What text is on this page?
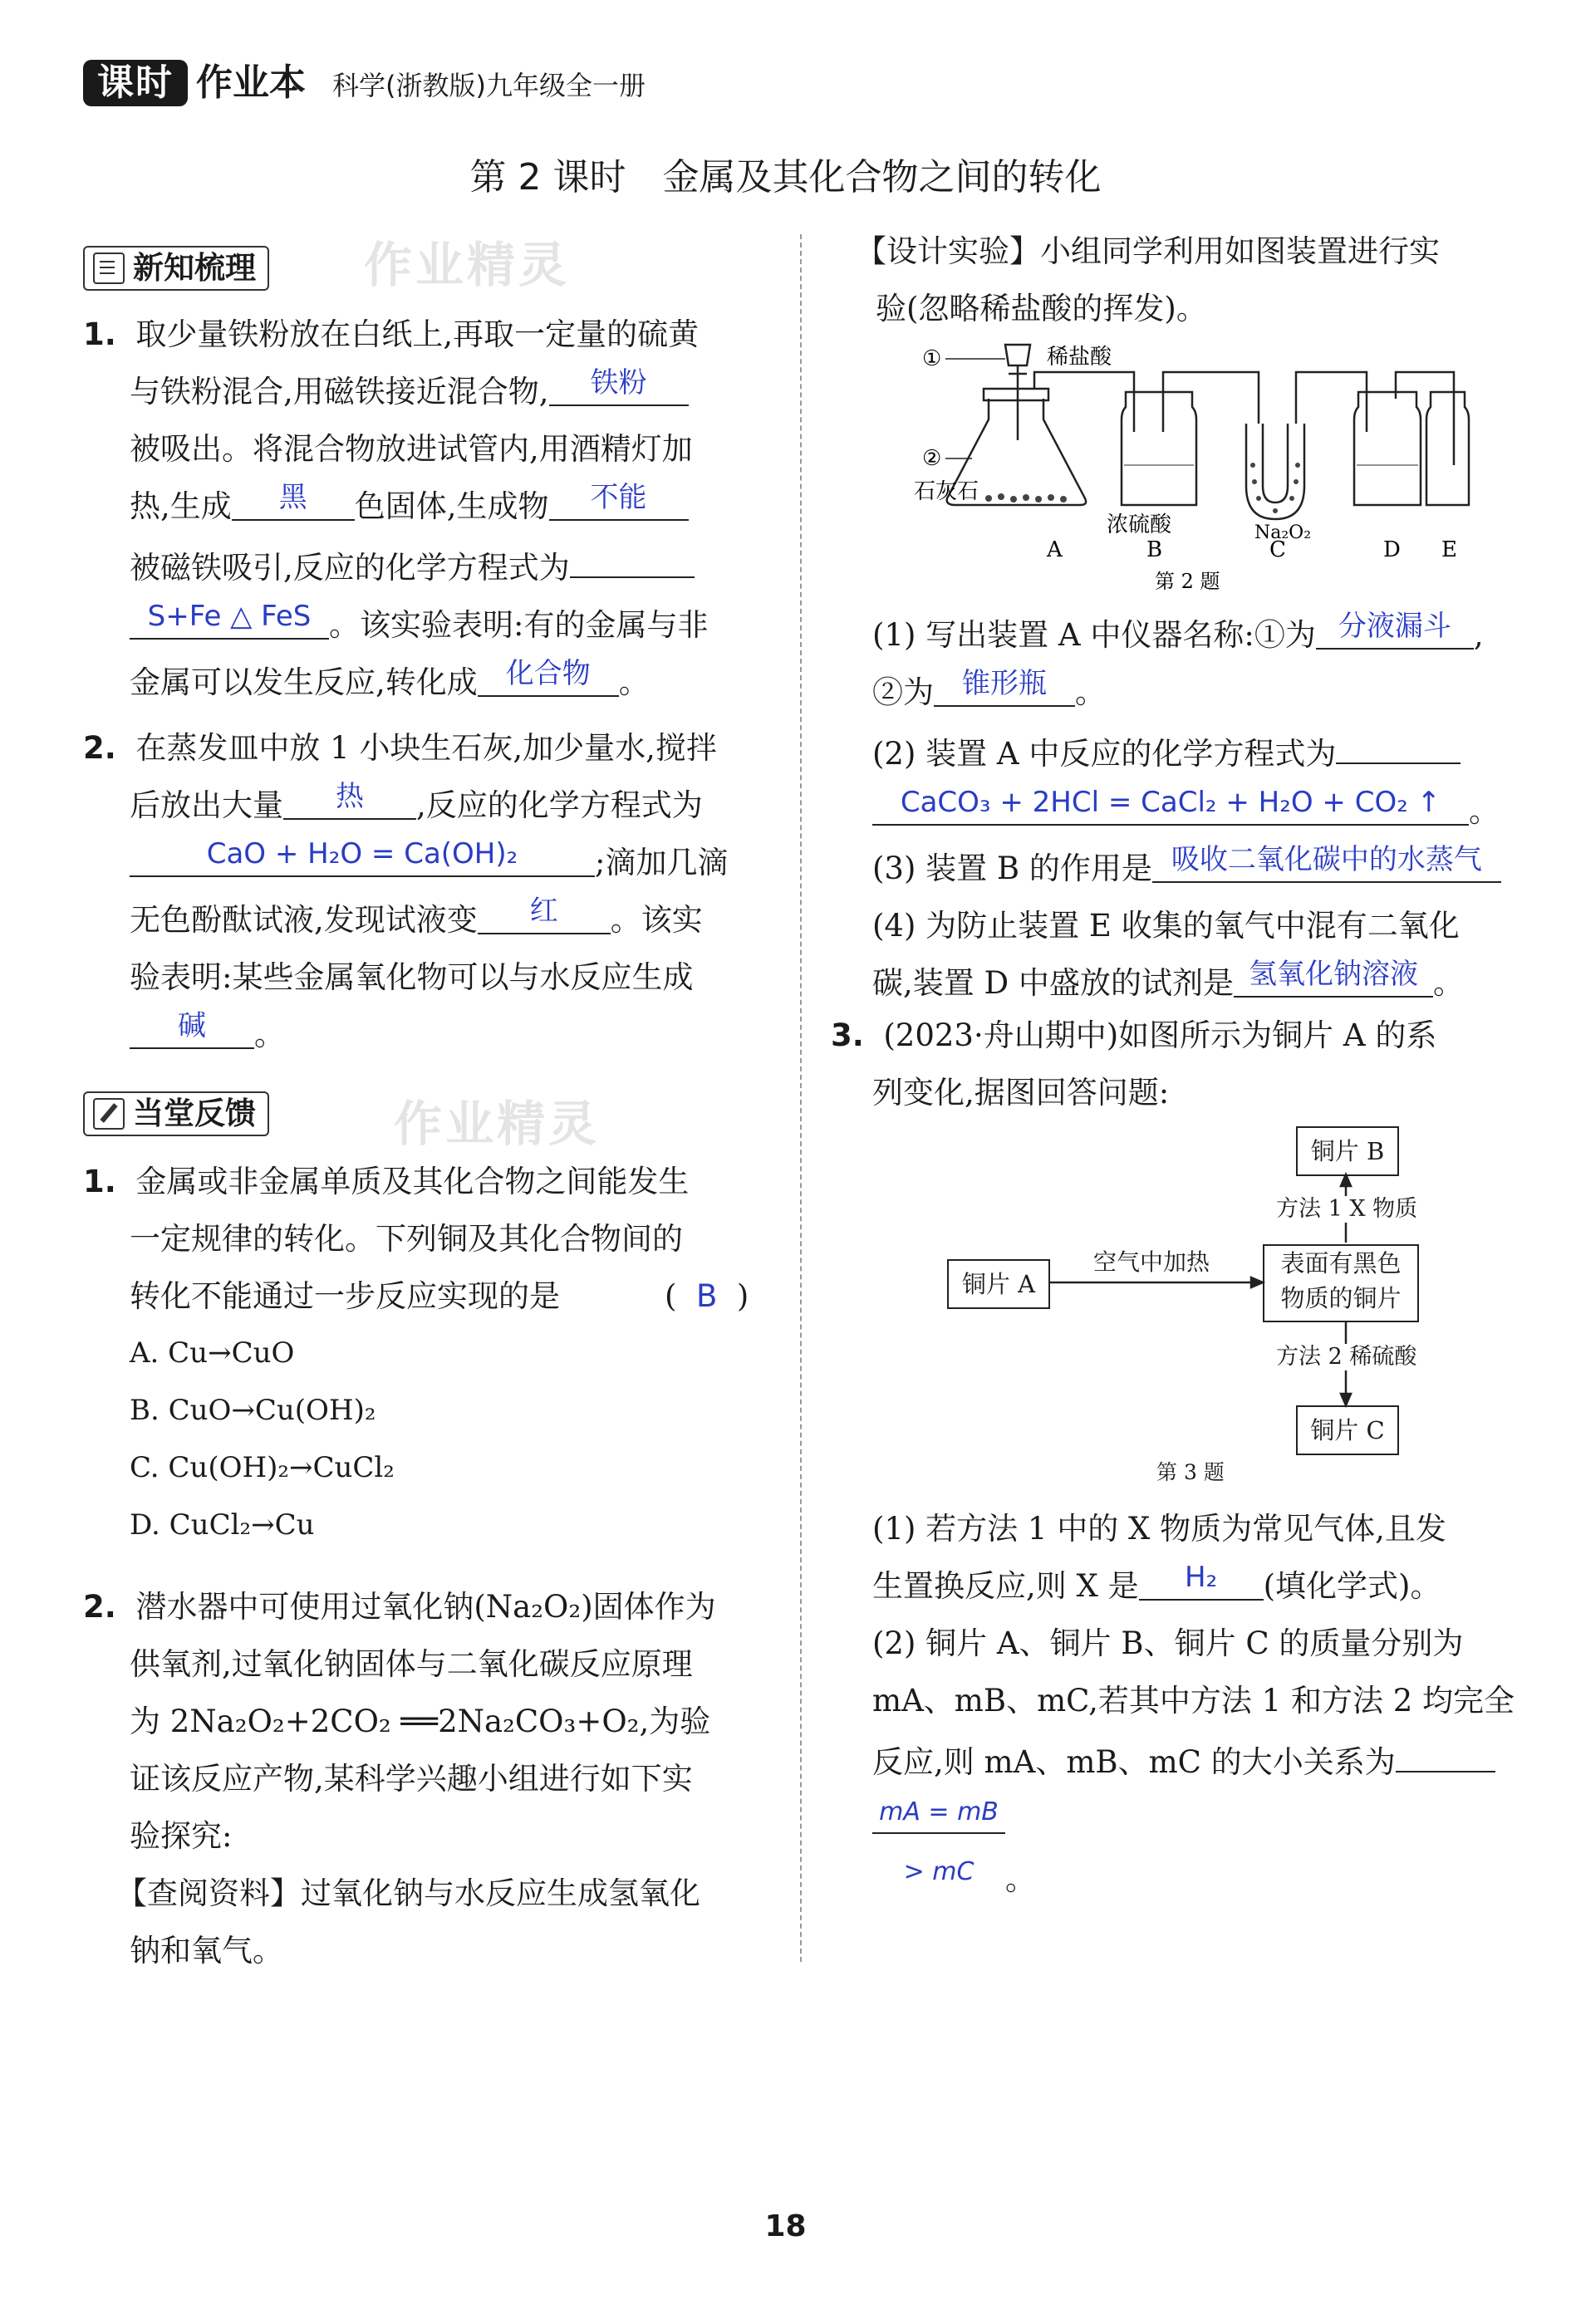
课时 作业本 科学(浙教版)九年级全一册
第 2 课时　金属及其化合物之间的转化
新知梳理 作业精灵
1. 取少量铁粉放在白纸上,再取一定量的硫黄
与铁粉混合,用磁铁接近混合物, 铁粉
被吸出。将混合物放进试管内,用酒精灯加
热,生成 黑 色固体,生成物 不能
被磁铁吸引,反应的化学方程式为
S+Fe △ FeS 。该实验表明:有的金属与非
金属可以发生反应,转化成 化合物 。
2. 在蒸发皿中放 1 小块生石灰,加少量水,搅拌
后放出大量 热 ,反应的化学方程式为
CaO + H₂O = Ca(OH)₂	;滴加几滴
无色酚酞试液,发现试液变 红 。该实
验表明:某些金属氧化物可以与水反应生成
碱 。
当堂反馈	作业精灵
1. 金属或非金属单质及其化合物之间能发生
一定规律的转化。下列铜及其化合物间的
转化不能通过一步反应实现的是	( B )
A. Cu→CuO
B. CuO→Cu(OH)₂
C. Cu(OH)₂→CuCl₂
D. CuCl₂→Cu
2. 潜水器中可使用过氧化钠(Na₂O₂)固体作为
供氧剂,过氧化钠固体与二氧化碳反应原理
为 2Na₂O₂+2CO₂ ══2Na₂CO₃+O₂,为验
证该反应产物,某科学兴趣小组进行如下实
验探究:
【查阅资料】过氧化钠与水反应生成氢氧化
钠和氧气。
【设计实验】小组同学利用如图装置进行实
验(忽略稀盐酸的挥发)。
①	稀盐酸
②
石灰石
浓硫酸	Na₂O₂
A	B	C	D E
第 2 题
(1) 写出装置 A 中仪器名称:①为 分液漏斗 ,
②为 锥形瓶 。
(2) 装置 A 中反应的化学方程式为
CaCO₃ + 2HCl = CaCl₂ + H₂O + CO₂ ↑ 。
(3) 装置 B 的作用是 吸收二氧化碳中的水蒸气
(4) 为防止装置 E 收集的氧气中混有二氧化
碳,装置 D 中盛放的试剂是 氢氧化钠溶液 。
3. (2023·舟山期中)如图所示为铜片 A 的系
列变化,据图回答问题:
铜片 B
铜片 A
表面有黑色
物质的铜片
铜片 C
空气中加热
方法 1 X 物质
方法 2 稀硫酸
第 3 题
(1) 若方法 1 中的 X 物质为常见气体,且发
生置换反应,则 X 是 H₂ (填化学式)。
(2) 铜片 A、铜片 B、铜片 C 的质量分别为
mA、mB、mC,若其中方法 1 和方法 2 均完全
反应,则 mA、mB、mC 的大小关系为
$^{mA = mB > mC}$ 。
18
